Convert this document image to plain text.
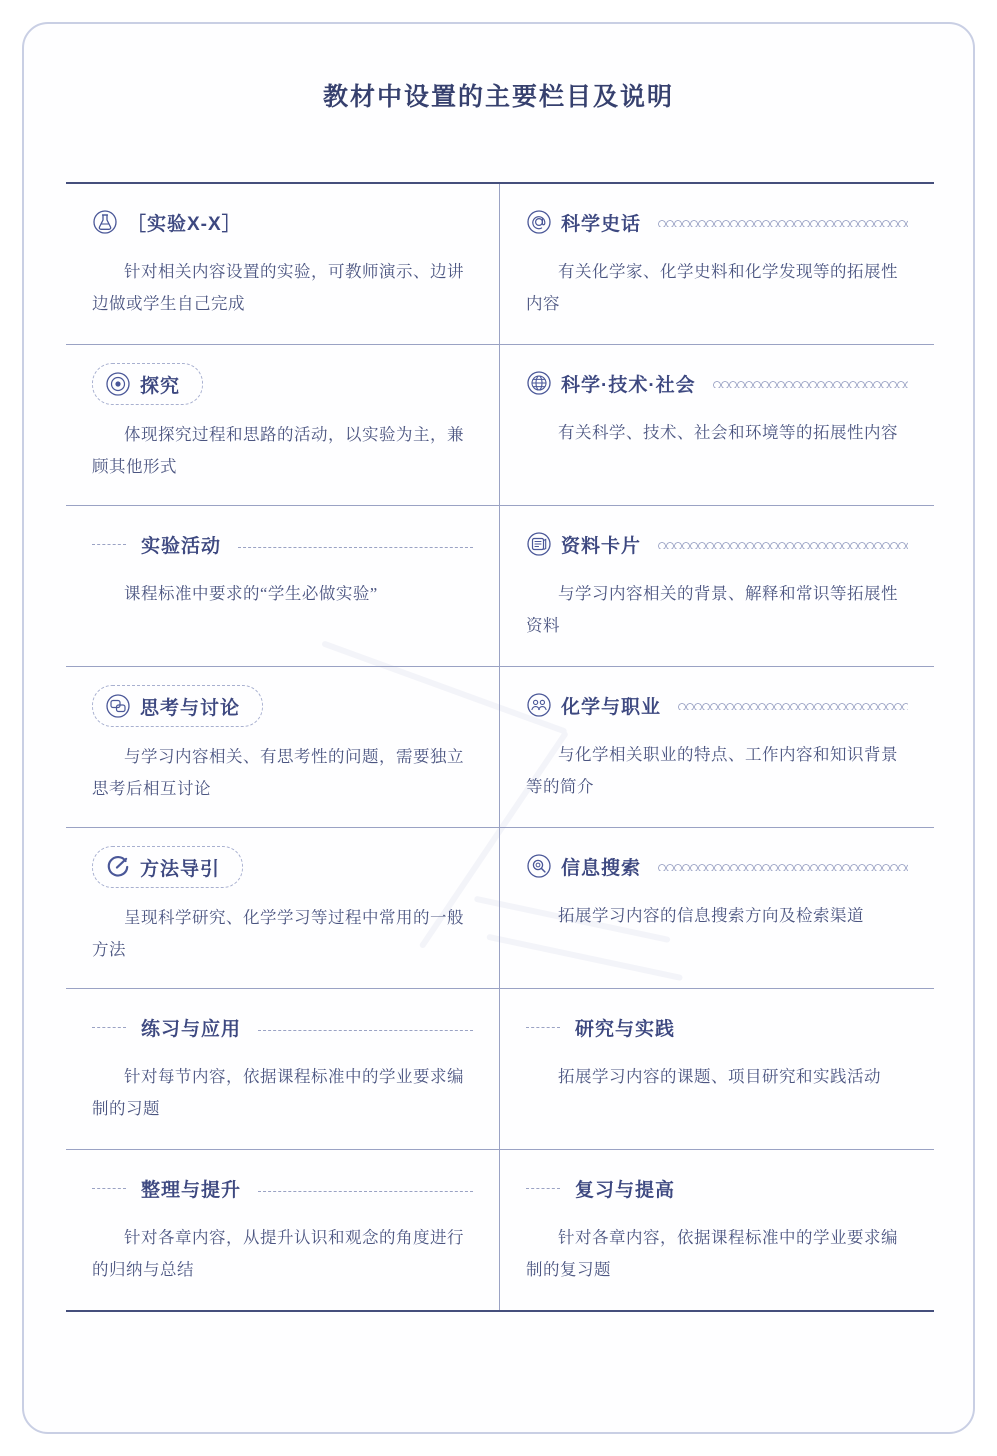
教材中设置的主要栏目及说明
［实验X-X］
针对相关内容设置的实验，可教师演示、边讲边做或学生自己完成
科学史话
有关化学家、化学史料和化学发现等的拓展性内容
探究
体现探究过程和思路的活动，以实验为主，兼顾其他形式
科学·技术·社会
有关科学、技术、社会和环境等的拓展性内容
实验活动
课程标准中要求的“学生必做实验”
资料卡片
与学习内容相关的背景、解释和常识等拓展性资料
思考与讨论
与学习内容相关、有思考性的问题，需要独立思考后相互讨论
化学与职业
与化学相关职业的特点、工作内容和知识背景等的简介
方法导引
呈现科学研究、化学学习等过程中常用的一般方法
信息搜索
拓展学习内容的信息搜索方向及检索渠道
练习与应用
针对每节内容，依据课程标准中的学业要求编制的习题
研究与实践
拓展学习内容的课题、项目研究和实践活动
整理与提升
针对各章内容，从提升认识和观念的角度进行的归纳与总结
复习与提高
针对各章内容，依据课程标准中的学业要求编制的复习题
